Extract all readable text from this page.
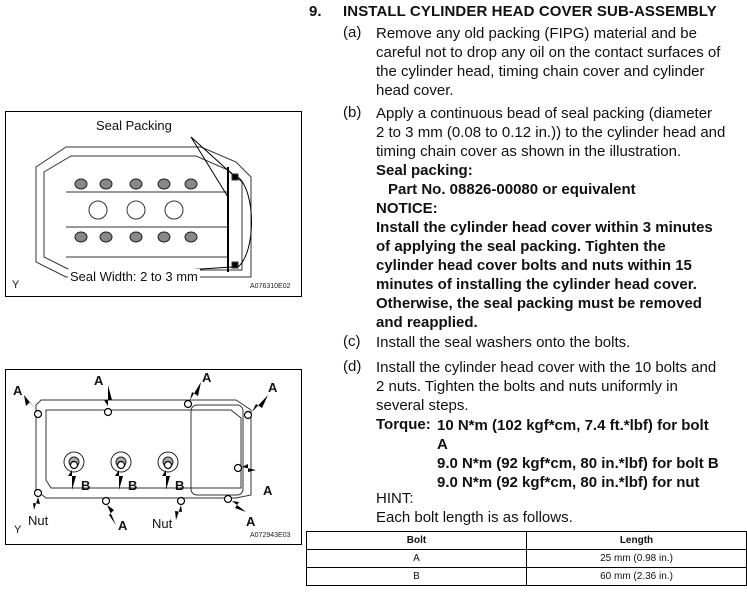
9. INSTALL CYLINDER HEAD COVER SUB-ASSEMBLY
(a) Remove any old packing (FIPG) material and be
careful not to drop any oil on the contact surfaces of
the cylinder head, timing chain cover and cylinder
head cover.
(b) Apply a continuous bead of seal packing (diameter
2 to 3 mm (0.08 to 0.12 in.)) to the cylinder head and
timing chain cover as shown in the illustration.
Seal packing:
Part No. 08826-00080 or equivalent
NOTICE:
Install the cylinder head cover within 3 minutes
of applying the seal packing. Tighten the
cylinder head cover bolts and nuts within 15
minutes of installing the cylinder head cover.
Otherwise, the seal packing must be removed
and reapplied.
(c) Install the seal washers onto the bolts.
(d) Install the cylinder head cover with the 10 bolts and
2 nuts. Tighten the bolts and nuts uniformly in
several steps.
Torque: 10 N*m (102 kgf*cm, 7.4 ft.*lbf) for bolt
A
9.0 N*m (92 kgf*cm, 80 in.*lbf) for bolt B
9.0 N*m (92 kgf*cm, 80 in.*lbf) for nut
HINT:
Each bolt length is as follows.
Bolt	Length
A	25 mm (0.98 in.)
B	60 mm (2.36 in.)
Seal Packing
Seal Width: 2 to 3 mm
Y	A076310E02
A
A	A
A
A
A
B	B	B
Nut	Nut
A
Y	A072943E03
